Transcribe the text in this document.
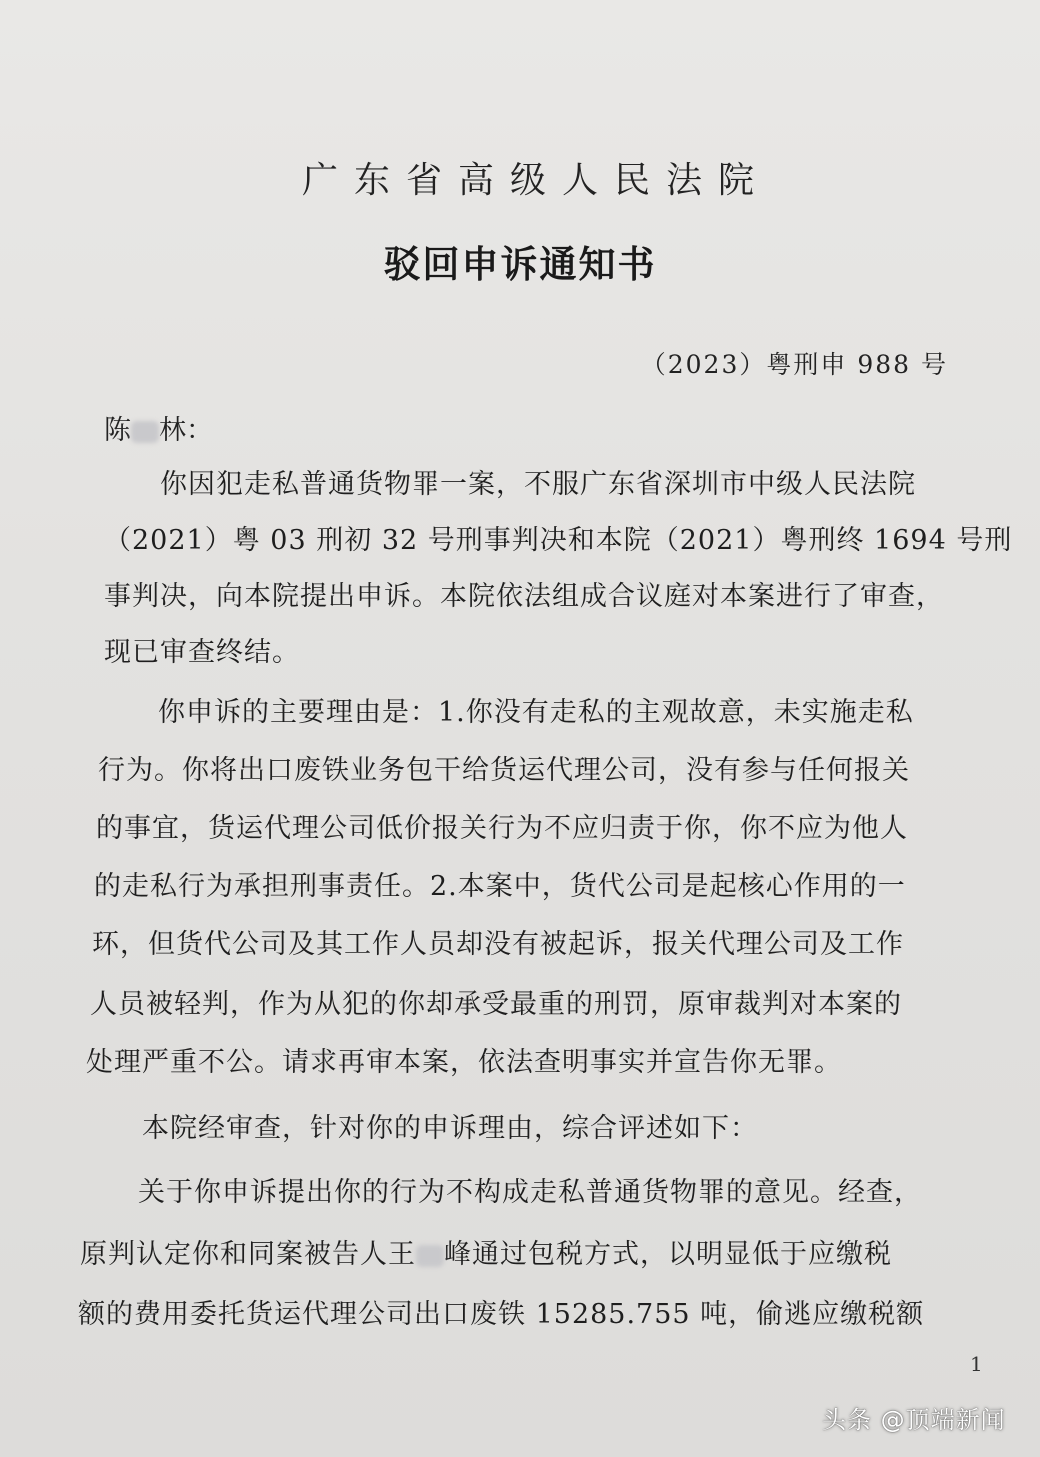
广东省高级人民法院
驳回申诉通知书
（2023）粤刑申 988 号
陈 林：
你因犯走私普通货物罪一案，不服广东省深圳市中级人民法院
（2021）粤 03 刑初 32 号刑事判决和本院（2021）粤刑终 1694 号刑
事判决，向本院提出申诉。本院依法组成合议庭对本案进行了审查，
现已审查终结。
你申诉的主要理由是：1.你没有走私的主观故意，未实施走私
行为。你将出口废铁业务包干给货运代理公司，没有参与任何报关
的事宜，货运代理公司低价报关行为不应归责于你，你不应为他人
的走私行为承担刑事责任。2.本案中，货代公司是起核心作用的一
环，但货代公司及其工作人员却没有被起诉，报关代理公司及工作
人员被轻判，作为从犯的你却承受最重的刑罚，原审裁判对本案的
处理严重不公。请求再审本案，依法查明事实并宣告你无罪。
本院经审查，针对你的申诉理由，综合评述如下：
关于你申诉提出你的行为不构成走私普通货物罪的意见。经查，
原判认定你和同案被告人王 峰通过包税方式，以明显低于应缴税
额的费用委托货运代理公司出口废铁 15285.755 吨，偷逃应缴税额
1
头条 @顶端新闻
